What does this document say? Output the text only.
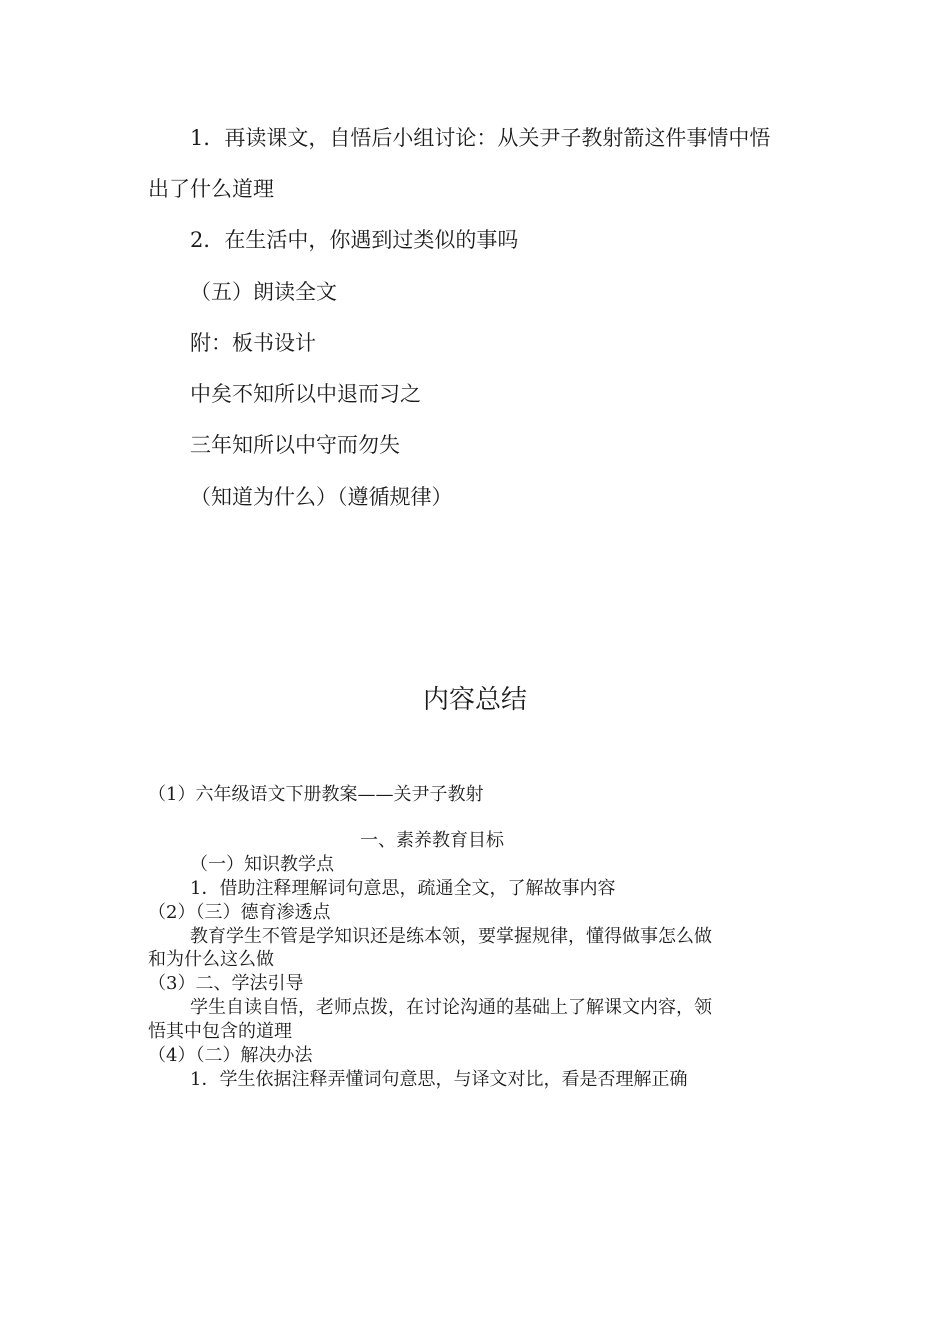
1．再读课文，自悟后小组讨论：从关尹子教射箭这件事情中悟
出了什么道理
2．在生活中，你遇到过类似的事吗
（五）朗读全文
附：板书设计
中矣不知所以中退而习之
三年知所以中守而勿失
（知道为什么）（遵循规律）
内容总结
（1）六年级语文下册教案——关尹子教射
一、素养教育目标
（一）知识教学点
1．借助注释理解词句意思，疏通全文，了解故事内容
（2）（三）德育渗透点
教育学生不管是学知识还是练本领，要掌握规律，懂得做事怎么做
和为什么这么做
（3）二、学法引导
学生自读自悟，老师点拨，在讨论沟通的基础上了解课文内容，领
悟其中包含的道理
（4）（二）解决办法
1．学生依据注释弄懂词句意思，与译文对比，看是否理解正确
